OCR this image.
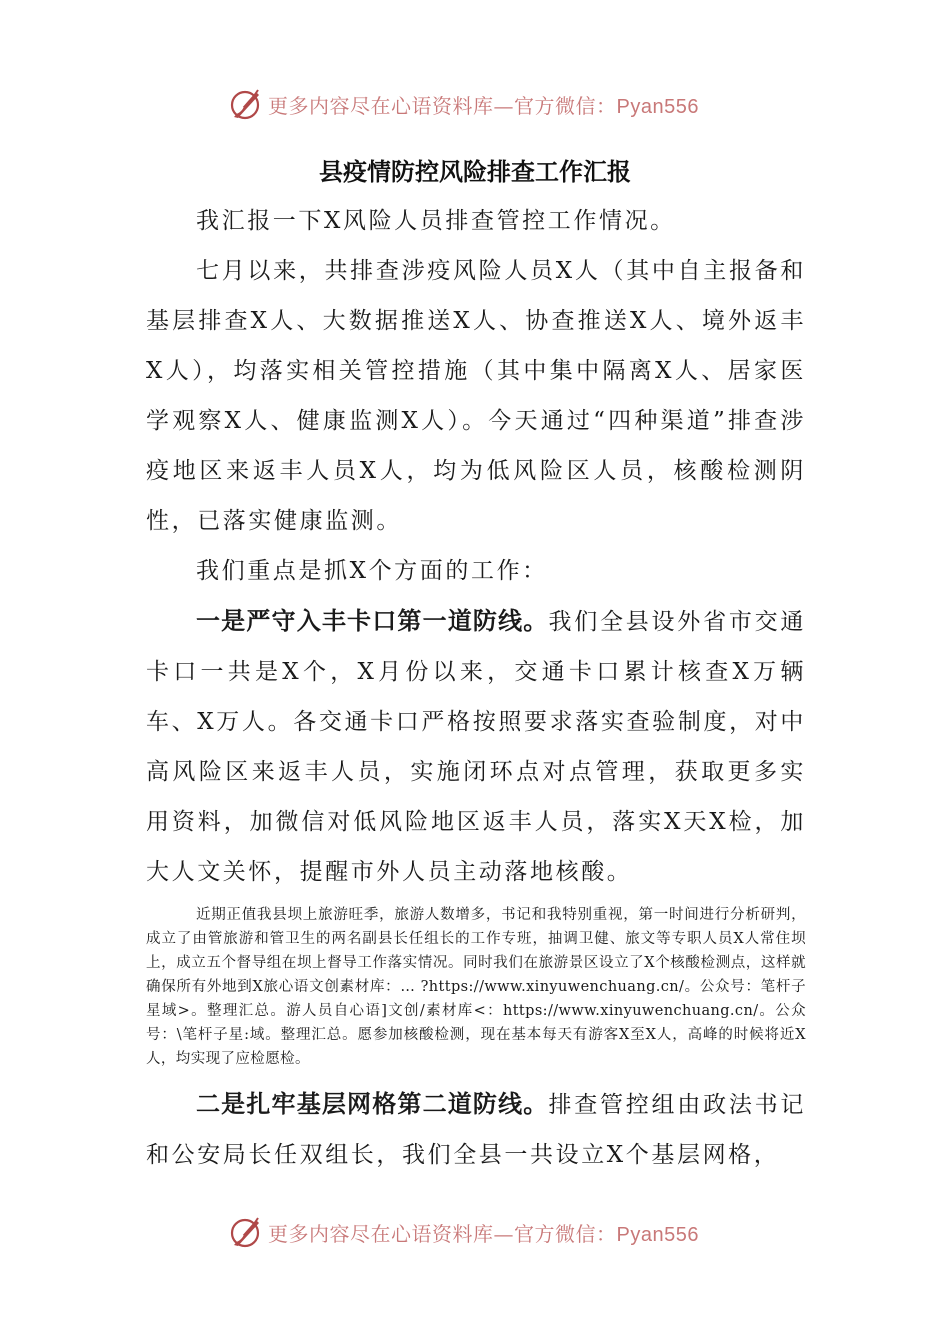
更多内容尽在心语资料库—官方微信：Pyan556
县疫情防控风险排查工作汇报

我汇报一下X风险人员排查管控工作情况。

七月以来，共排查涉疫风险人员X人（其中自主报备和基层排查X人、大数据推送X人、协查推送X人、境外返丰X人），均落实相关管控措施（其中集中隔离X人、居家医学观察X人、健康监测X人）。今天通过“四种渠道”排查涉疫地区来返丰人员X人，均为低风险区人员，核酸检测阴性，已落实健康监测。

我们重点是抓X个方面的工作：

一是严守入丰卡口第一道防线。我们全县设外省市交通卡口一共是X个，X月份以来，交通卡口累计核查X万辆车、X万人。各交通卡口严格按照要求落实查验制度，对中高风险区来返丰人员，实施闭环点对点管理，获取更多实用资料，加微信对低风险地区返丰人员，落实X天X检，加大人文关怀，提醒市外人员主动落地核酸。

近期正值我县坝上旅游旺季，旅游人数增多，书记和我特别重视，第一时间进行分析研判，成立了由管旅游和管卫生的两名副县长任组长的工作专班，抽调卫健、旅文等专职人员X人常住坝上，成立五个督导组在坝上督导工作落实情况。同时我们在旅游景区设立了X个核酸检测点，这样就确保所有外地到X旅心语文创素材库：… ?https://www.xinyuwenchuang.cn/。公众号：笔杆子星域>。整理汇总。游人员自心语]文创/素材库<：https://www.xinyuwenchuang.cn/。公众号：\笔杆子星:域。整理汇总。愿参加核酸检测，现在基本每天有游客X至X人，高峰的时候将近X人，均实现了应检愿检。

二是扎牢基层网格第二道防线。排查管控组由政法书记和公安局长任双组长，我们全县一共设立X个基层网格，

更多内容尽在心语资料库—官方微信：Pyan556
